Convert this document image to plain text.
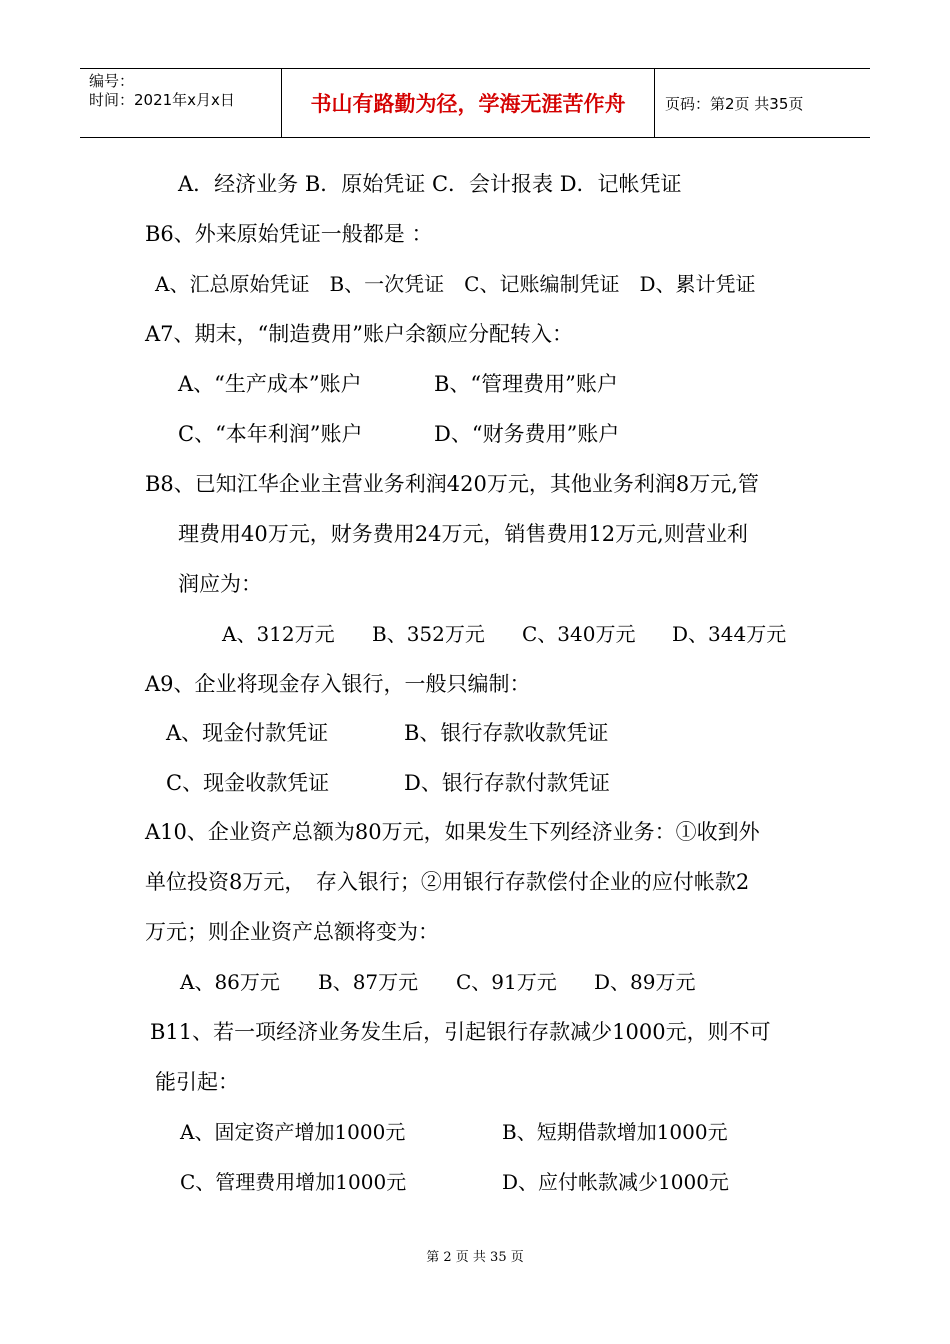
编号：
时间：2021年x月x日	书山有路勤为径，学海无涯苦作舟	页码：第2页 共35页
A．经济业务 B．原始凭证 C．会计报表 D．记帐凭证
B6、外来原始凭证一般都是 ：
A、汇总原始凭证　B、一次凭证　C、记账编制凭证　D、累计凭证
A7、期末，“制造费用”账户余额应分配转入：
A、“生产成本”账户	B、“管理费用”账户
C、“本年利润”账户	D、“财务费用”账户
B8、已知江华企业主营业务利润420万元，其他业务利润8万元,管
理费用40万元，财务费用24万元，销售费用12万元,则营业利
润应为：
A、312万元 B、352万元 C、340万元 D、344万元
A9、企业将现金存入银行，一般只编制：
A、现金付款凭证	B、银行存款收款凭证
C、现金收款凭证	D、银行存款付款凭证
A10、企业资产总额为80万元，如果发生下列经济业务：①收到外
单位投资8万元，　存入银行；②用银行存款偿付企业的应付帐款2
万元；则企业资产总额将变为：
A、86万元 B、87万元 C、91万元 D、89万元
B11、若一项经济业务发生后，引起银行存款减少1000元，则不可
能引起：
A、固定资产增加1000元	B、短期借款增加1000元
C、管理费用增加1000元	D、应付帐款减少1000元
第 2 页 共 35 页
